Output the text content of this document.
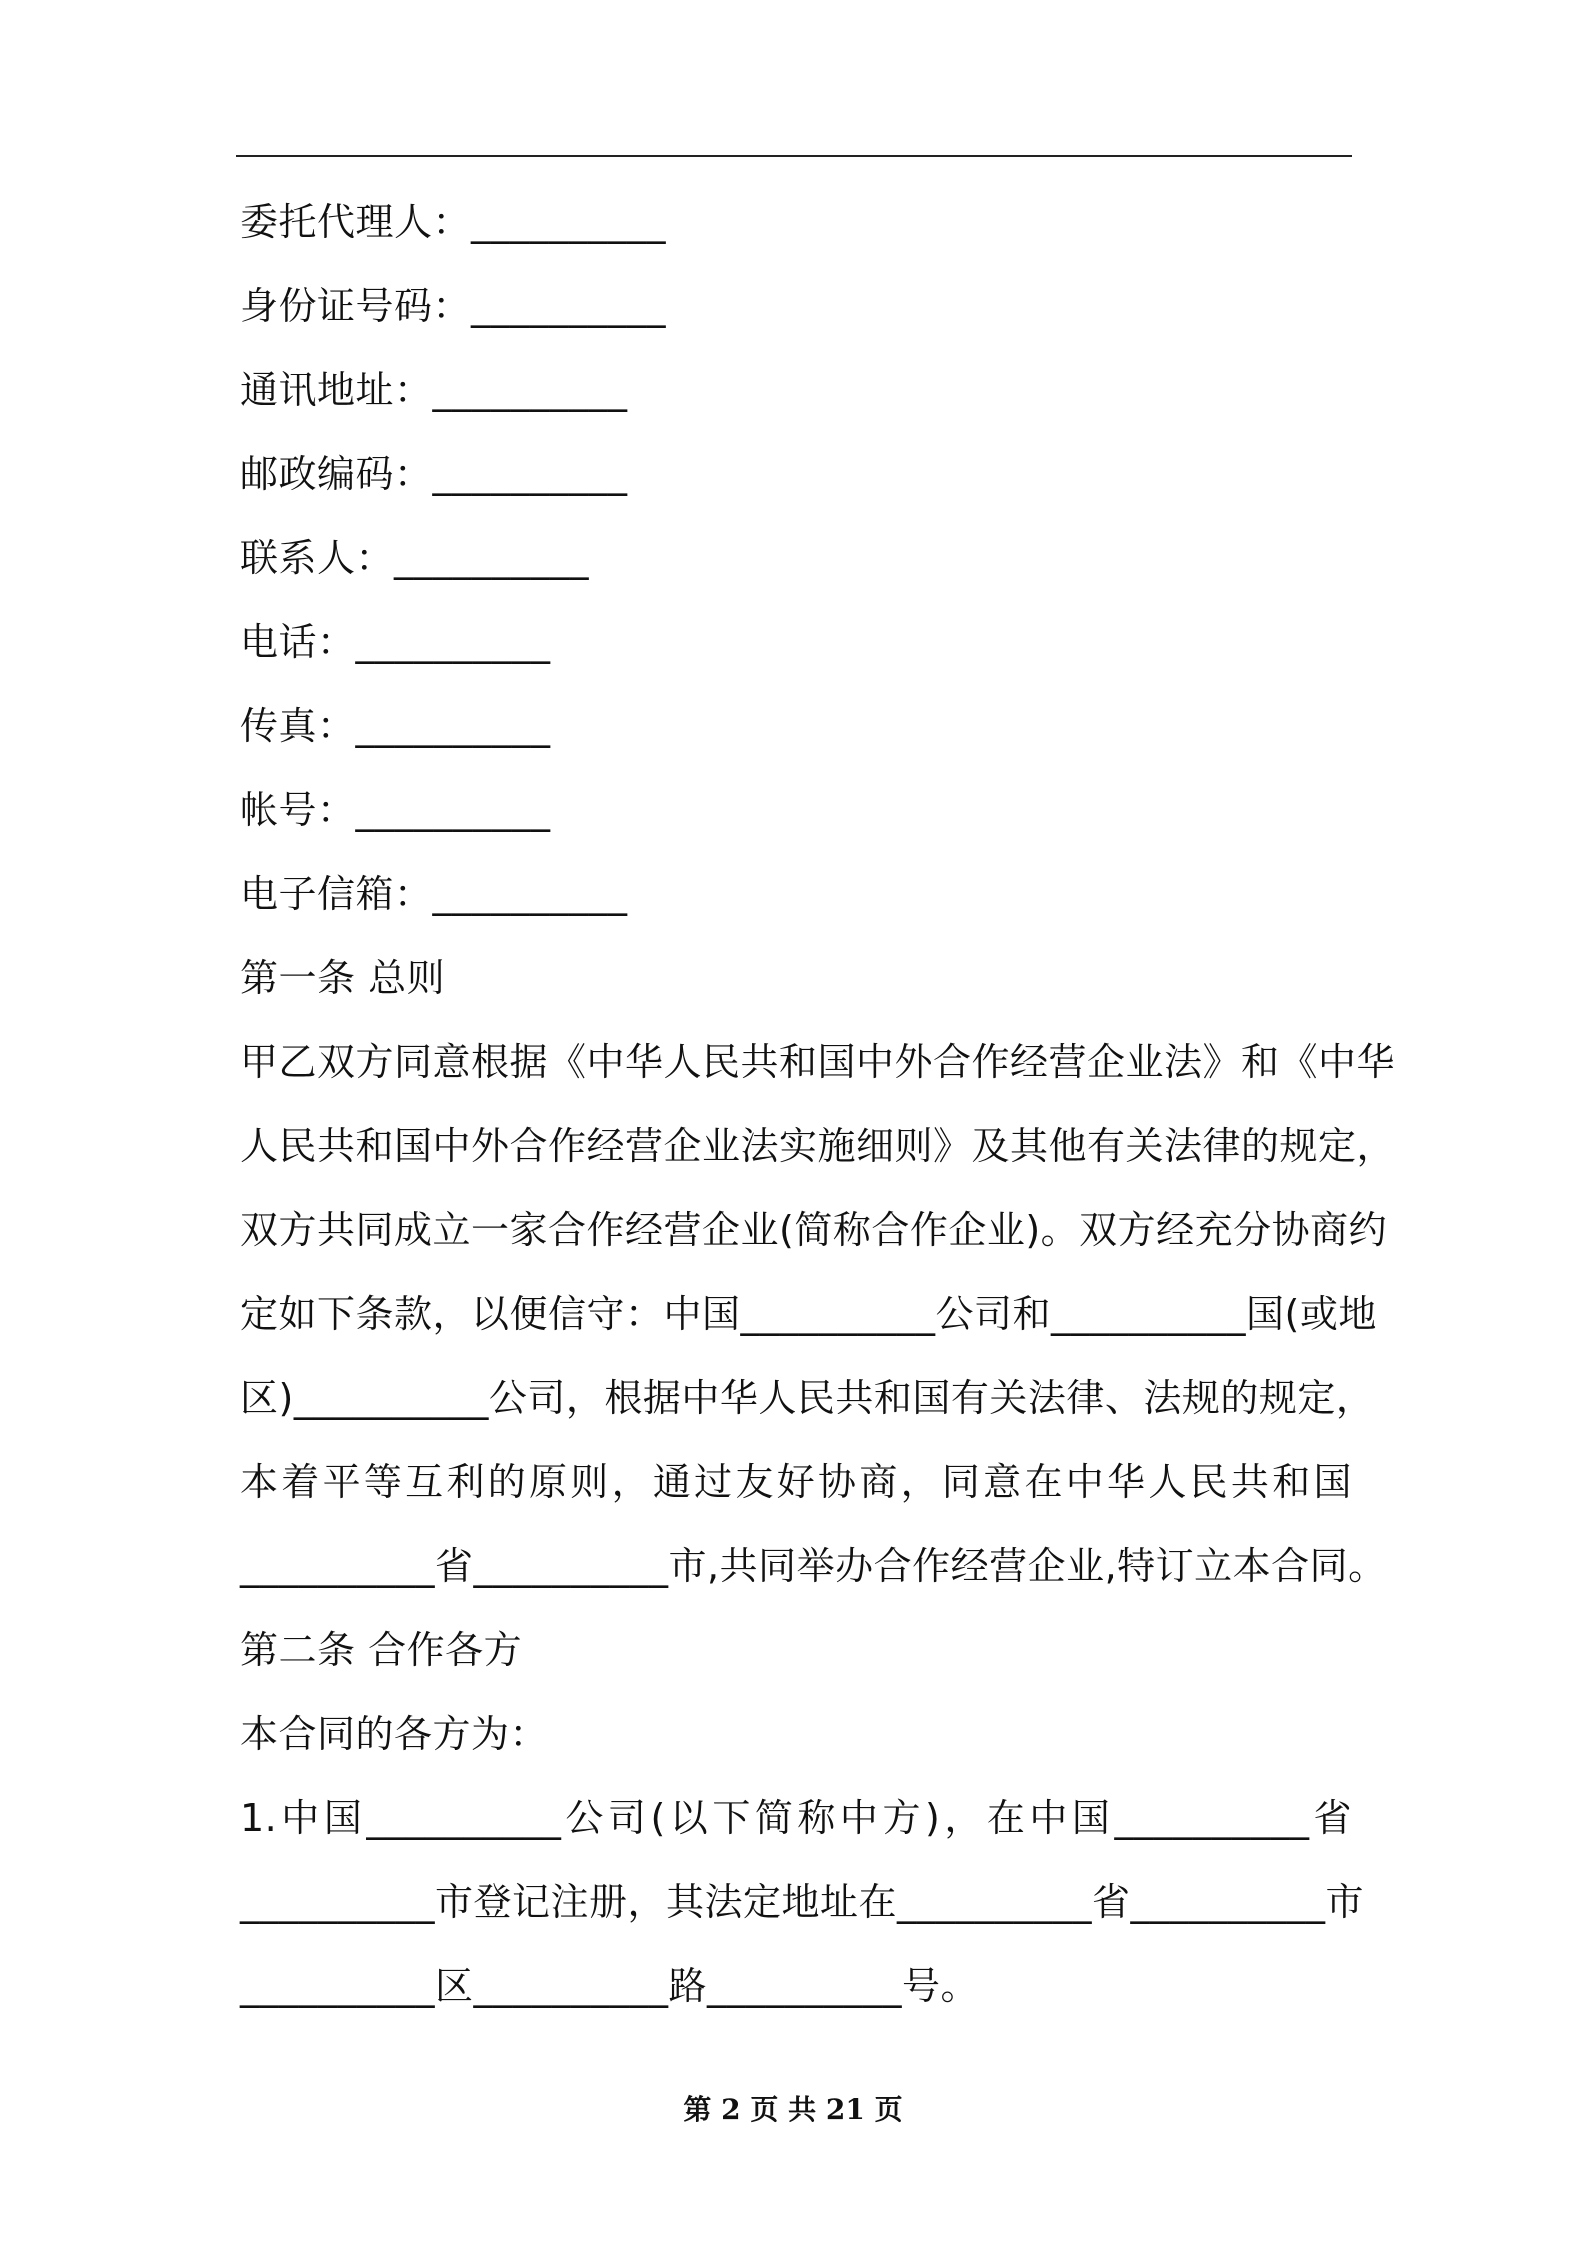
委托代理人：__________
身份证号码：__________
通讯地址：__________
邮政编码：__________
联系人：__________
电话：__________
传真：__________
帐号：__________
电子信箱：__________
第一条 总则
甲乙双方同意根据《中华人民共和国中外合作经营企业法》和《中华
人民共和国中外合作经营企业法实施细则》及其他有关法律的规定，
双方共同成立一家合作经营企业(简称合作企业)。双方经充分协商约
定如下条款，以便信守：中国__________公司和__________国(或地
区)__________公司，根据中华人民共和国有关法律、法规的规定，
本着平等互利的原则，通过友好协商，同意在中华人民共和国
__________省__________市,共同举办合作经营企业,特订立本合同。
第二条 合作各方
本合同的各方为：
1.中国__________公司(以下简称中方)，在中国__________省
__________市登记注册，其法定地址在__________省__________市
__________区__________路__________号。
第 2 页 共 21 页
